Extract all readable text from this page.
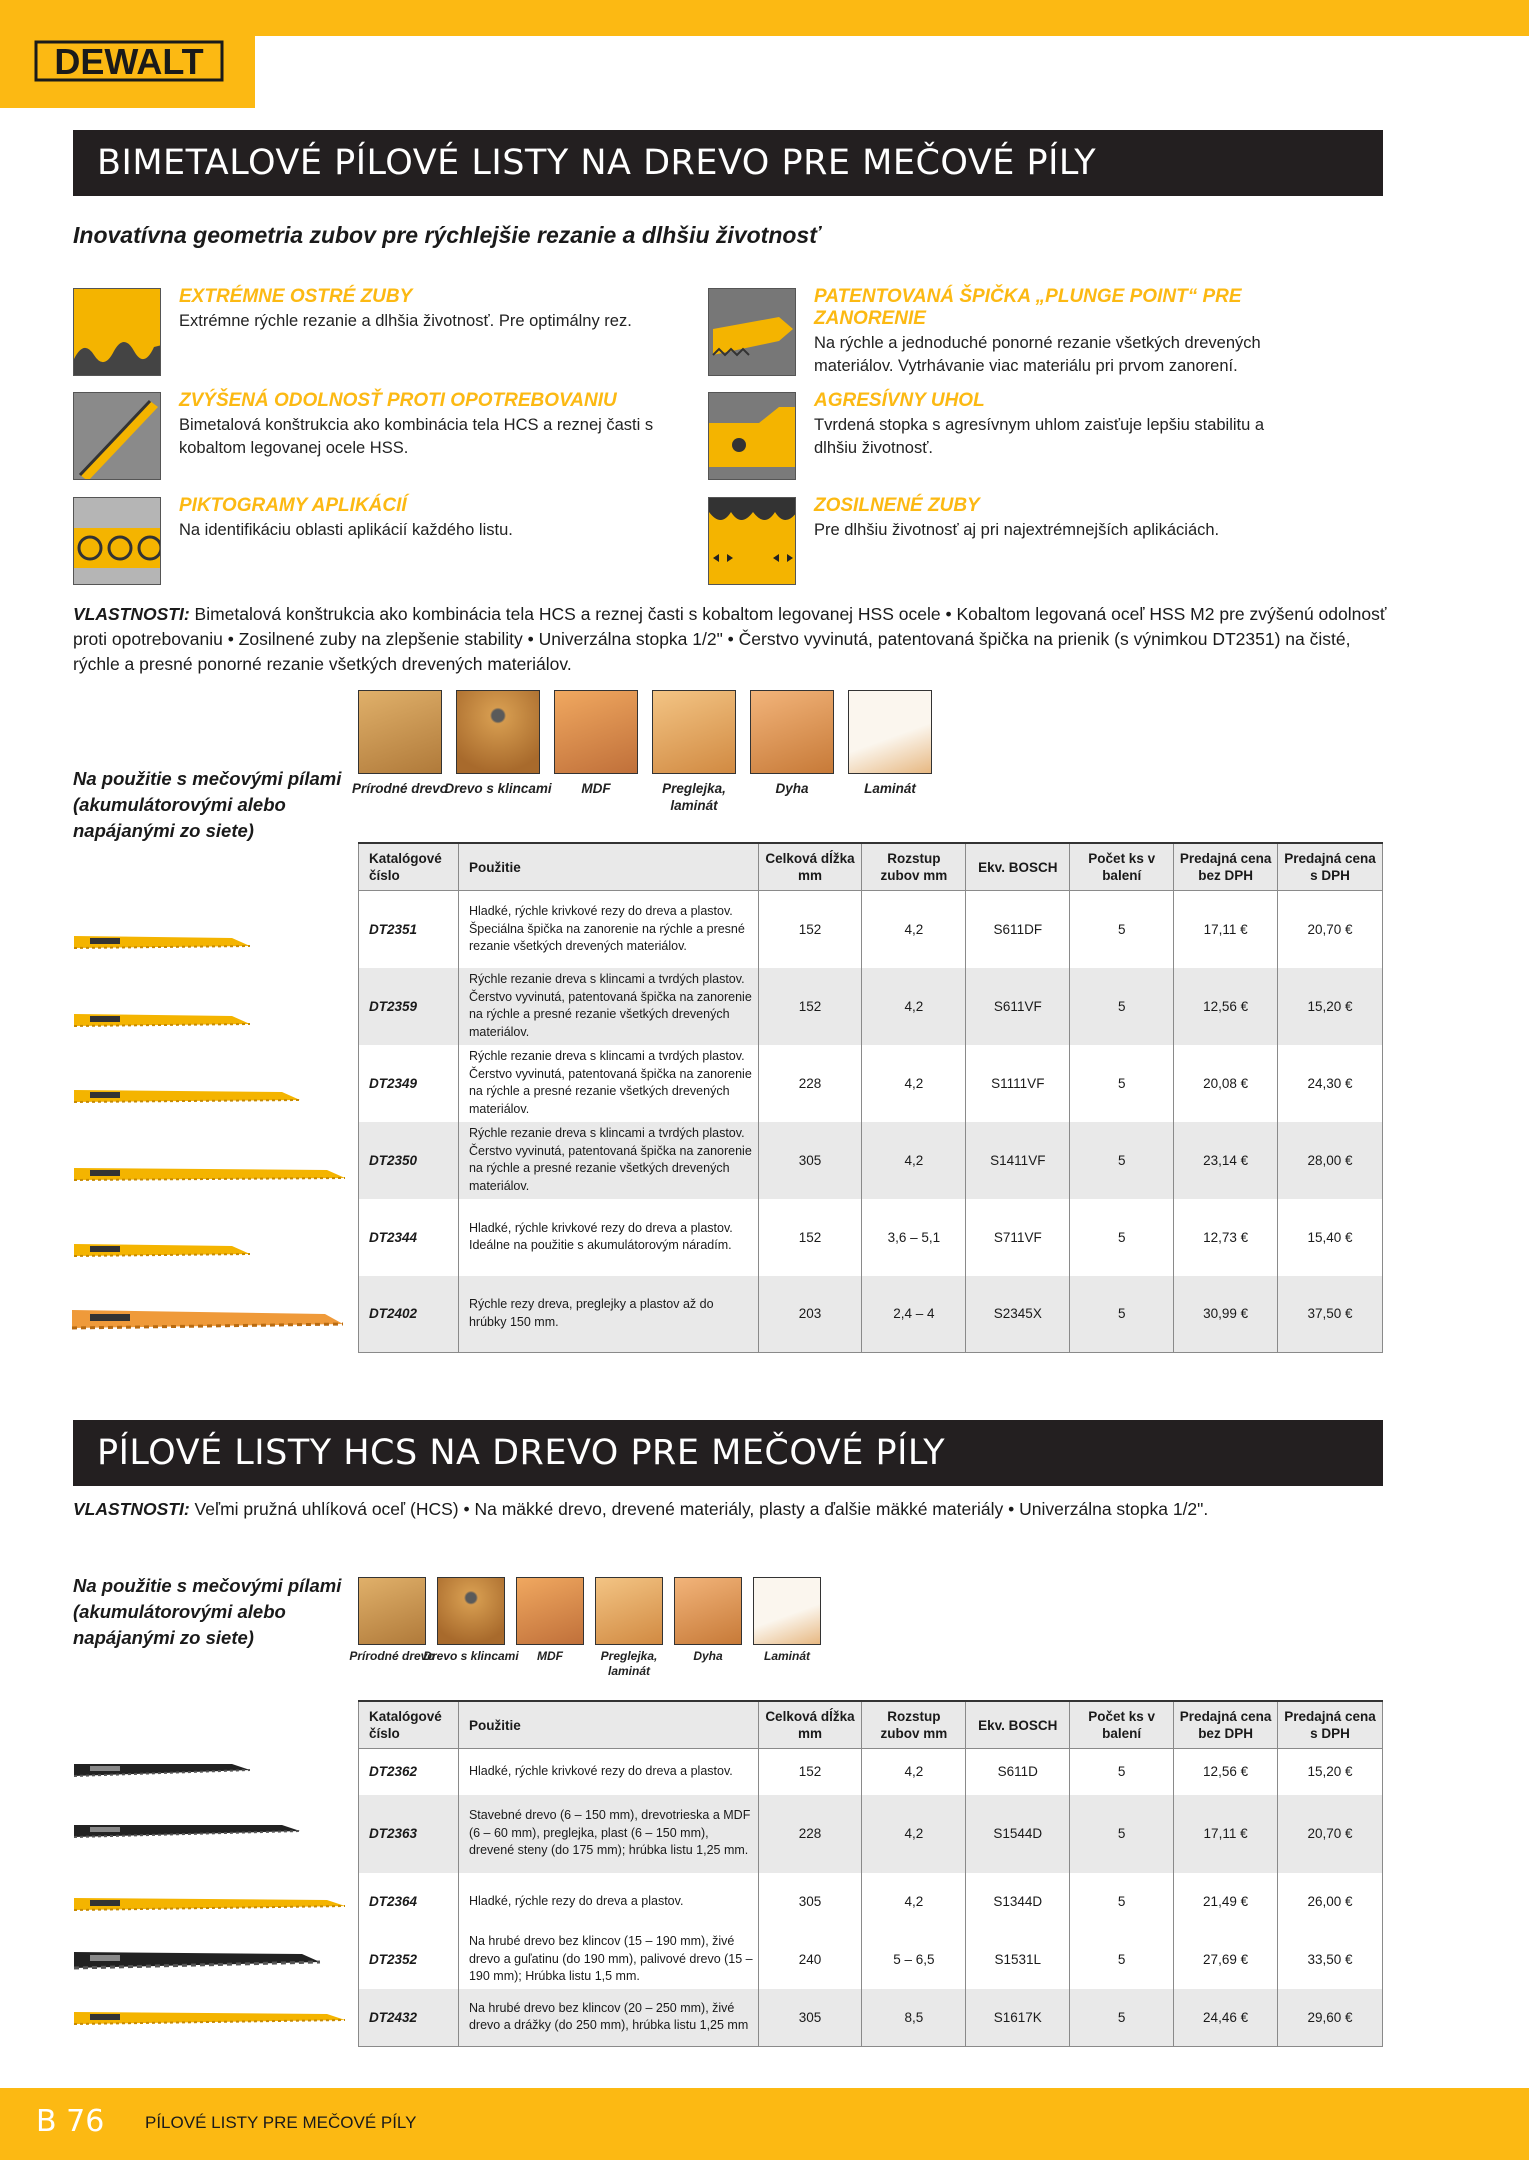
DEWALT
BIMETALOVÉ PÍLOVÉ LISTY NA DREVO PRE MEČOVÉ PÍLY
Inovatívna geometria zubov pre rýchlejšie rezanie a dlhšiu životnosť
EXTRÉMNE OSTRÉ ZUBY
Extrémne rýchle rezanie a dlhšia životnosť. Pre optimálny rez.
PATENTOVANÁ ŠPIČKA „PLUNGE POINT“ PRE ZANORENIE
Na rýchle a jednoduché ponorné rezanie všetkých drevených materiálov. Vytrhávanie viac materiálu pri prvom zanorení.
ZVÝŠENÁ ODOLNOSŤ PROTI OPOTREBOVANIU
Bimetalová konštrukcia ako kombinácia tela HCS a reznej časti s kobaltom legovanej ocele HSS.
AGRESÍVNY UHOL
Tvrdená stopka s agresívnym uhlom zaisťuje lepšiu stabilitu a dlhšiu životnosť.
PIKTOGRAMY APLIKÁCIÍ
Na identifikáciu oblasti aplikácií každého listu.
ZOSILNENÉ ZUBY
Pre dlhšiu životnosť aj pri najextrémnejších aplikáciách.
VLASTNOSTI: Bimetalová konštrukcia ako kombinácia tela HCS a reznej časti s kobaltom legovanej HSS ocele • Kobaltom legovaná oceľ HSS M2 pre zvýšenú odolnosť proti opotrebovaniu • Zosilnené zuby na zlepšenie stability • Univerzálna stopka 1/2" • Čerstvo vyvinutá, patentovaná špička na prienik (s výnimkou DT2351) na čisté, rýchle a presné ponorné rezanie všetkých drevených materiálov.
Na použitie s mečovými pílami (akumulátorovými alebo napájanými zo siete)
Prírodné drevo
Drevo s klincami	MDF	Preglejka, laminát
Dyha	Laminát
Katalógové číslo	Použitie	Celková dĺžka mm	Rozstup zubov mm	Ekv. BOSCH	Počet ks v balení	Predajná cena bez DPH	Predajná cena s DPH
DT2351	Hladké, rýchle krivkové rezy do dreva a plastov. Špeciálna špička na zanorenie na rýchle a presné rezanie všetkých drevených materiálov.	152	4,2	S611DF	5	17,11 €	20,70 €
DT2359	Rýchle rezanie dreva s klincami a tvrdých plastov. Čerstvo vyvinutá, patentovaná špička na zanorenie na rýchle a presné rezanie všetkých drevených materiálov.	152	4,2	S611VF	5	12,56 €	15,20 €
DT2349	Rýchle rezanie dreva s klincami a tvrdých plastov. Čerstvo vyvinutá, patentovaná špička na zanorenie na rýchle a presné rezanie všetkých drevených materiálov.	228	4,2	S1111VF	5	20,08 €	24,30 €
DT2350	Rýchle rezanie dreva s klincami a tvrdých plastov. Čerstvo vyvinutá, patentovaná špička na zanorenie na rýchle a presné rezanie všetkých drevených materiálov.	305	4,2	S1411VF	5	23,14 €	28,00 €
DT2344	Hladké, rýchle krivkové rezy do dreva a plastov. Ideálne na použitie s akumulátorovým náradím.	152	3,6 – 5,1	S711VF	5	12,73 €	15,40 €
DT2402	Rýchle rezy dreva, preglejky a plastov až do hrúbky 150 mm.	203	2,4 – 4	S2345X	5	30,99 €	37,50 €
PÍLOVÉ LISTY HCS NA DREVO PRE MEČOVÉ PÍLY
VLASTNOSTI: Veľmi pružná uhlíková oceľ (HCS) • Na mäkké drevo, drevené materiály, plasty a ďalšie mäkké materiály • Univerzálna stopka 1/2".
Na použitie s mečovými pílami (akumulátorovými alebo napájanými zo siete)
Prírodné drevo
Drevo s klincami	MDF	Preglejka, laminát
Dyha	Laminát
Katalógové číslo	Použitie	Celková dĺžka mm	Rozstup zubov mm	Ekv. BOSCH	Počet ks v balení	Predajná cena bez DPH	Predajná cena s DPH
DT2362	Hladké, rýchle krivkové rezy do dreva a plastov.	152	4,2	S611D	5	12,56 €	15,20 €
DT2363	Stavebné drevo (6 – 150 mm), drevotrieska a MDF (6 – 60 mm), preglejka, plast (6 – 150 mm), drevené steny (do 175 mm); hrúbka listu 1,25 mm.	228	4,2	S1544D	5	17,11 €	20,70 €
DT2364	Hladké, rýchle rezy do dreva a plastov.	305	4,2	S1344D	5	21,49 €	26,00 €
DT2352	Na hrubé drevo bez klincov (15 – 190 mm), živé drevo a guľatinu (do 190 mm), palivové drevo (15 – 190 mm); Hrúbka listu 1,5 mm.	240	5 – 6,5	S1531L	5	27,69 €	33,50 €
DT2432	Na hrubé drevo bez klincov (20 – 250 mm), živé drevo a drážky (do 250 mm), hrúbka listu 1,25 mm	305	8,5	S1617K	5	24,46 €	29,60 €
B 76 PÍLOVÉ LISTY PRE MEČOVÉ PÍLY
